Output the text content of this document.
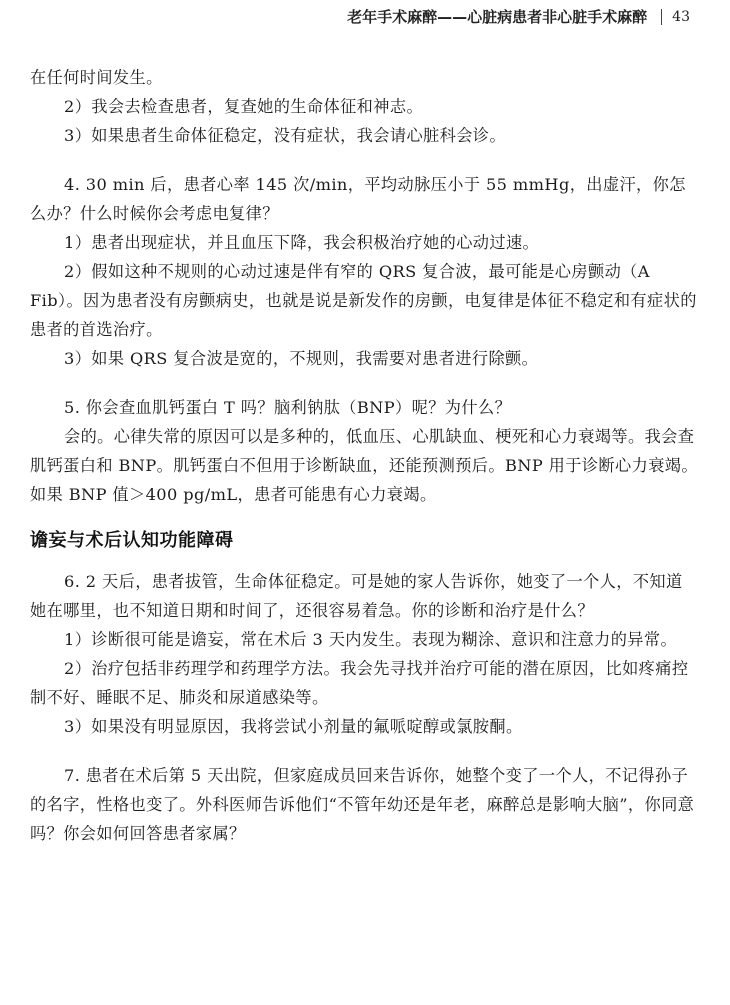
老年手术麻醉——心脏病患者非心脏手术麻醉 43

在任何时间发生。

2）我会去检查患者，复查她的生命体征和神志。

3）如果患者生命体征稳定，没有症状，我会请心脏科会诊。

4. 30 min 后，患者心率 145 次/min，平均动脉压小于 55 mmHg，出虚汗，你怎么办？什么时候你会考虑电复律？

1）患者出现症状，并且血压下降，我会积极治疗她的心动过速。

2）假如这种不规则的心动过速是伴有窄的 QRS 复合波，最可能是心房颤动（A Fib）。因为患者没有房颤病史，也就是说是新发作的房颤，电复律是体征不稳定和有症状的患者的首选治疗。

3）如果 QRS 复合波是宽的，不规则，我需要对患者进行除颤。

5. 你会查血肌钙蛋白 T 吗？脑利钠肽（BNP）呢？为什么？

会的。心律失常的原因可以是多种的，低血压、心肌缺血、梗死和心力衰竭等。我会查肌钙蛋白和 BNP。肌钙蛋白不但用于诊断缺血，还能预测预后。BNP 用于诊断心力衰竭。如果 BNP 值＞400 pg/mL，患者可能患有心力衰竭。

谵妄与术后认知功能障碍

6. 2 天后，患者拔管，生命体征稳定。可是她的家人告诉你，她变了一个人，不知道她在哪里，也不知道日期和时间了，还很容易着急。你的诊断和治疗是什么？

1）诊断很可能是谵妄，常在术后 3 天内发生。表现为糊涂、意识和注意力的异常。

2）治疗包括非药理学和药理学方法。我会先寻找并治疗可能的潜在原因，比如疼痛控制不好、睡眠不足、肺炎和尿道感染等。

3）如果没有明显原因，我将尝试小剂量的氟哌啶醇或氯胺酮。

7. 患者在术后第 5 天出院，但家庭成员回来告诉你，她整个变了一个人，不记得孙子的名字，性格也变了。外科医师告诉他们“不管年幼还是年老，麻醉总是影响大脑”，你同意吗？你会如何回答患者家属？
